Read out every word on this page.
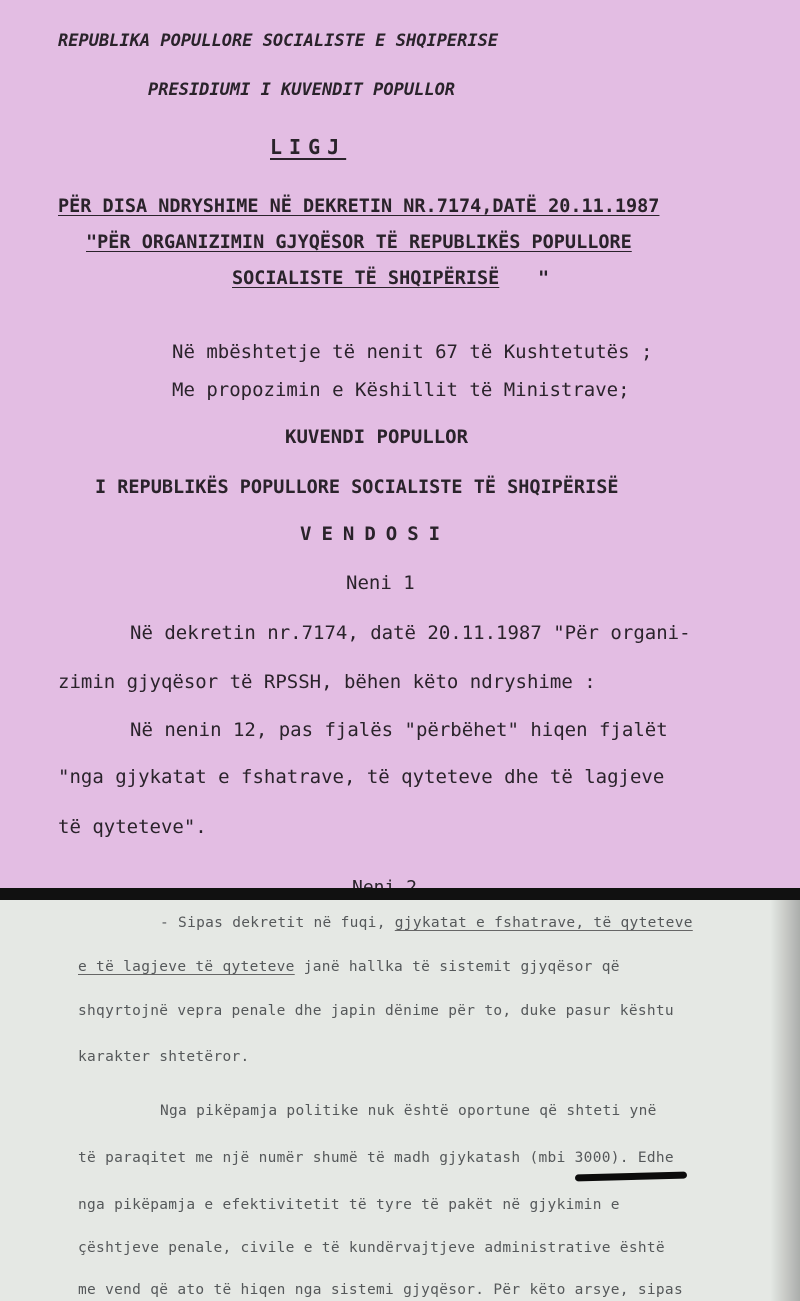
REPUBLIKA POPULLORE SOCIALISTE E SHQIPERISE
PRESIDIUMI I KUVENDIT POPULLOR
LIGJ
PËR DISA NDRYSHIME NË DEKRETIN NR.7174,DATË 20.11.1987
"PËR ORGANIZIMIN GJYQËSOR TË REPUBLIKËS POPULLORE
SOCIALISTE TË SHQIPËRISË "
Në mbështetje të nenit 67 të Kushtetutës ;
Me propozimin e Këshillit të Ministrave;
KUVENDI POPULLOR
I REPUBLIKËS POPULLORE SOCIALISTE TË SHQIPËRISË
VENDOSI
Neni 1
Në dekretin nr.7174, datë 20.11.1987 "Për organi-
zimin gjyqësor të RPSSH, bëhen këto ndryshime :
Në nenin 12, pas fjalës "përbëhet" hiqen fjalët
"nga gjykatat e fshatrave, të qyteteve dhe të lagjeve
të qyteteve".
- Sipas dekretit në fuqi, gjykatat e fshatrave, të qyteteve
e të lagjeve të qyteteve janë hallka të sistemit gjyqësor që
shqyrtojnë vepra penale dhe japin dënime për to, duke pasur kështu
karakter shtetëror.
Nga pikëpamja politike nuk është oportune që shteti ynë
të paraqitet me një numër shumë të madh gjykatash (mbi 3000). Edhe
nga pikëpamja e efektivitetit të tyre të pakët në gjykimin e
çështjeve penale, civile e të kundërvajtjeve administrative është
me vend që ato të hiqen nga sistemi gjyqësor. Për këto arsye, sipas
